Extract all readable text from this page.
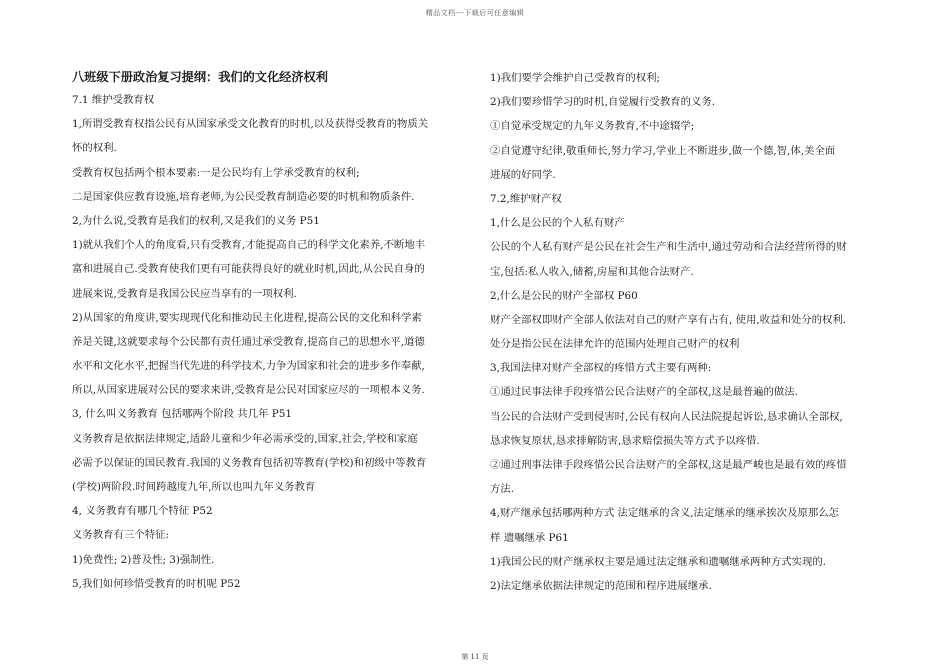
精品文档---下载后可任意编辑
八班级下册政治复习提纲：我们的文化经济权利
7.1 维护受教育权
1,所谓受教育权指公民有从国家承受文化教育的时机,以及获得受教育的物质关
怀的权利.
受教育权包括两个根本要素:一是公民均有上学承受教育的权利;
二是国家供应教育设施,培育老师,为公民受教育制造必要的时机和物质条件.
2,为什么说,受教育是我们的权利,又是我们的义务 P51
1)就从我们个人的角度看,只有受教育,才能提高自己的科学文化素养,不断地丰
富和进展自己.受教育使我们更有可能获得良好的就业时机,因此,从公民自身的
进展来说,受教育是我国公民应当享有的一项权利.
2)从国家的角度讲,要实现现代化和推动民主化进程,提高公民的文化和科学素
养是关键,这就要求每个公民都有责任通过承受教育,提高自己的思想水平,道德
水平和文化水平,把握当代先进的科学技术,力争为国家和社会的进步多作奉献,
所以,从国家进展对公民的要求来讲,受教育是公民对国家应尽的一项根本义务.
3, 什么叫义务教育 包括哪两个阶段 共几年 P51
义务教育是依据法律规定,适龄儿童和少年必需承受的,国家,社会,学校和家庭
必需予以保证的国民教育.我国的义务教育包括初等教育(学校)和初级中等教育
(学校)两阶段.时间跨越度九年,所以也叫九年义务教育
4, 义务教育有哪几个特征 P52
义务教育有三个特征:
1)免费性; 2)普及性; 3)强制性.
5,我们如何珍惜受教育的时机呢 P52
1)我们要学会维护自己受教育的权利;
2)我们要珍惜学习的时机,自觉履行受教育的义务.
①自觉承受规定的九年义务教育,不中途辍学;
②自觉遵守纪律,敬重师长,努力学习,学业上不断进步,做一个德,智,体,美全面
进展的好同学.
7.2,维护财产权
1,什么是公民的个人私有财产
公民的个人私有财产是公民在社会生产和生活中,通过劳动和合法经营所得的财
宝,包括:私人收入,储蓄,房屋和其他合法财产.
2,什么是公民的财产全部权 P60
财产全部权即财产全部人依法对自己的财产享有占有, 使用,收益和处分的权利.
处分是指公民在法律允许的范围内处理自己财产的权利
3,我国法律对财产全部权的疼惜方式主要有两种:
①通过民事法律手段疼惜公民合法财产的全部权,这是最普遍的做法.
当公民的合法财产受到侵害时,公民有权向人民法院提起诉讼,恳求确认全部权,
恳求恢复原状,恳求排解防害,恳求赔偿损失等方式予以疼惜.
②通过刑事法律手段疼惜公民合法财产的全部权,这是最严峻也是最有效的疼惜
方法.
4,财产继承包括哪两种方式 法定继承的含义,法定继承的继承挨次及原那么怎
样 遗嘱继承 P61
1)我国公民的财产继承权主要是通过法定继承和遗嘱继承两种方式实现的.
2)法定继承依据法律规定的范围和程序进展继承.
第 11 页
